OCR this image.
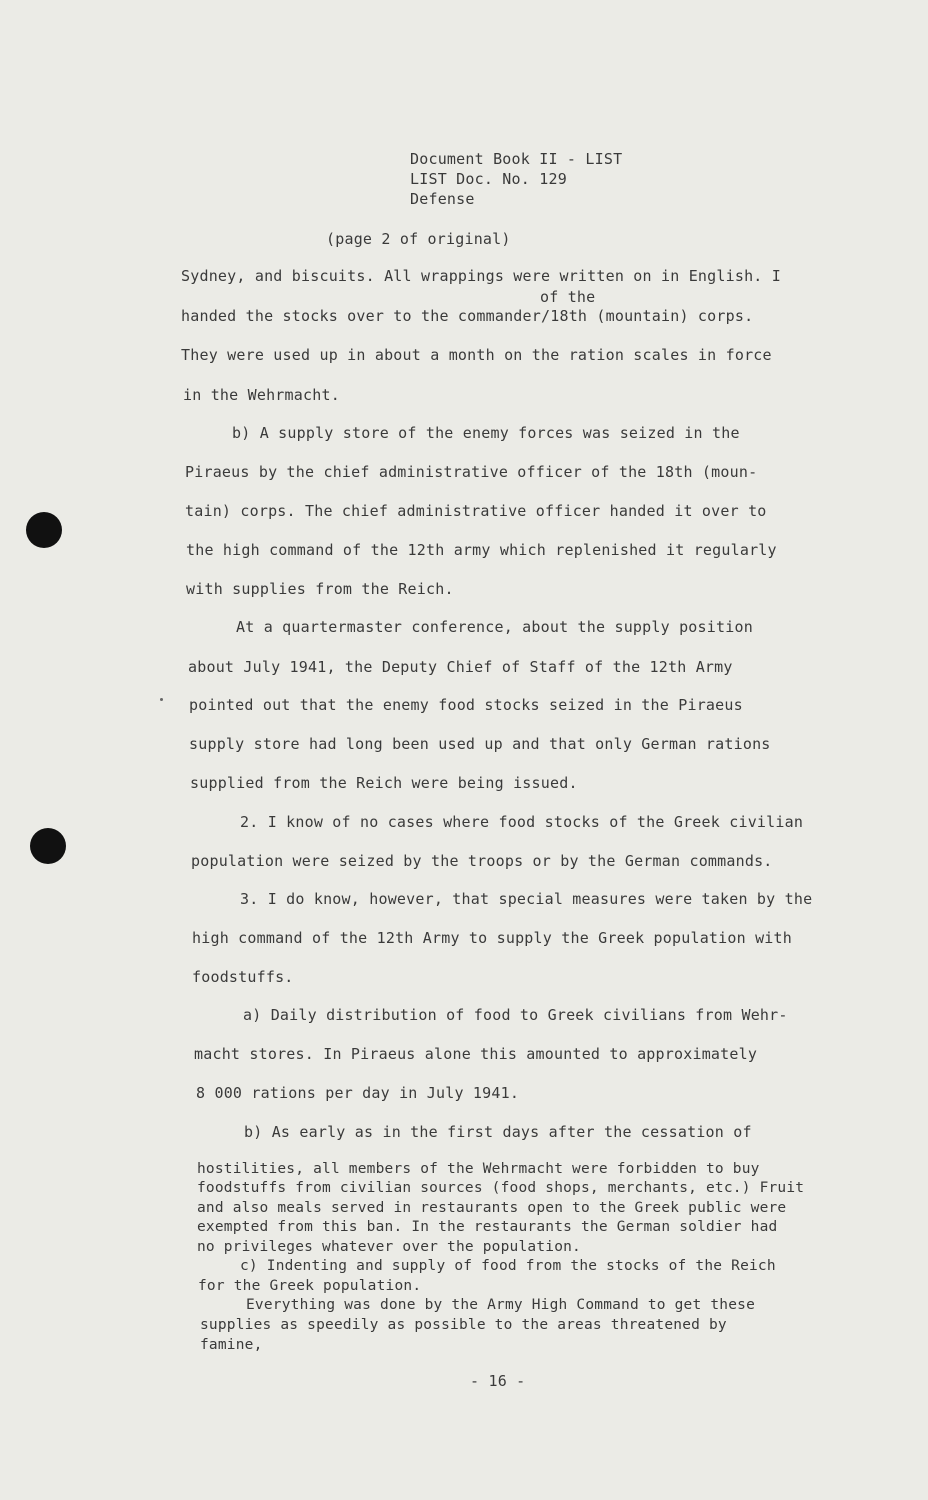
Document Book II - LIST
LIST Doc. No. 129
Defense
(page 2 of original)
Sydney, and biscuits. All wrappings were written on in English. I
of the
handed the stocks over to the commander/18th (mountain) corps.
They were used up in about a month on the ration scales in force
in the Wehrmacht.
b) A supply store of the enemy forces was seized in the
Piraeus by the chief administrative officer of the 18th (moun-
tain) corps. The chief administrative officer handed it over to
the high command of the 12th army which replenished it regularly
with supplies from the Reich.
At a quartermaster conference, about the supply position
about July 1941, the Deputy Chief of Staff of the 12th Army
pointed out that the enemy food stocks seized in the Piraeus
supply store had long been used up and that only German rations
supplied from the Reich were being issued.
2. I know of no cases where food stocks of the Greek civilian
population were seized by the troops or by the German commands.
3. I do know, however, that special measures were taken by the
high command of the 12th Army to supply the Greek population with
foodstuffs.
a) Daily distribution of food to Greek civilians from Wehr-
macht stores. In Piraeus alone this amounted to approximately
8 000 rations per day in July 1941.
b) As early as in the first days after the cessation of
hostilities, all members of the Wehrmacht were forbidden to buy
foodstuffs from civilian sources (food shops, merchants, etc.) Fruit
and also meals served in restaurants open to the Greek public were
exempted from this ban. In the restaurants the German soldier had
no privileges whatever over the population.
c) Indenting and supply of food from the stocks of the Reich
for the Greek population.
Everything was done by the Army High Command to get these
supplies as speedily as possible to the areas threatened by
famine,
- 16 -
